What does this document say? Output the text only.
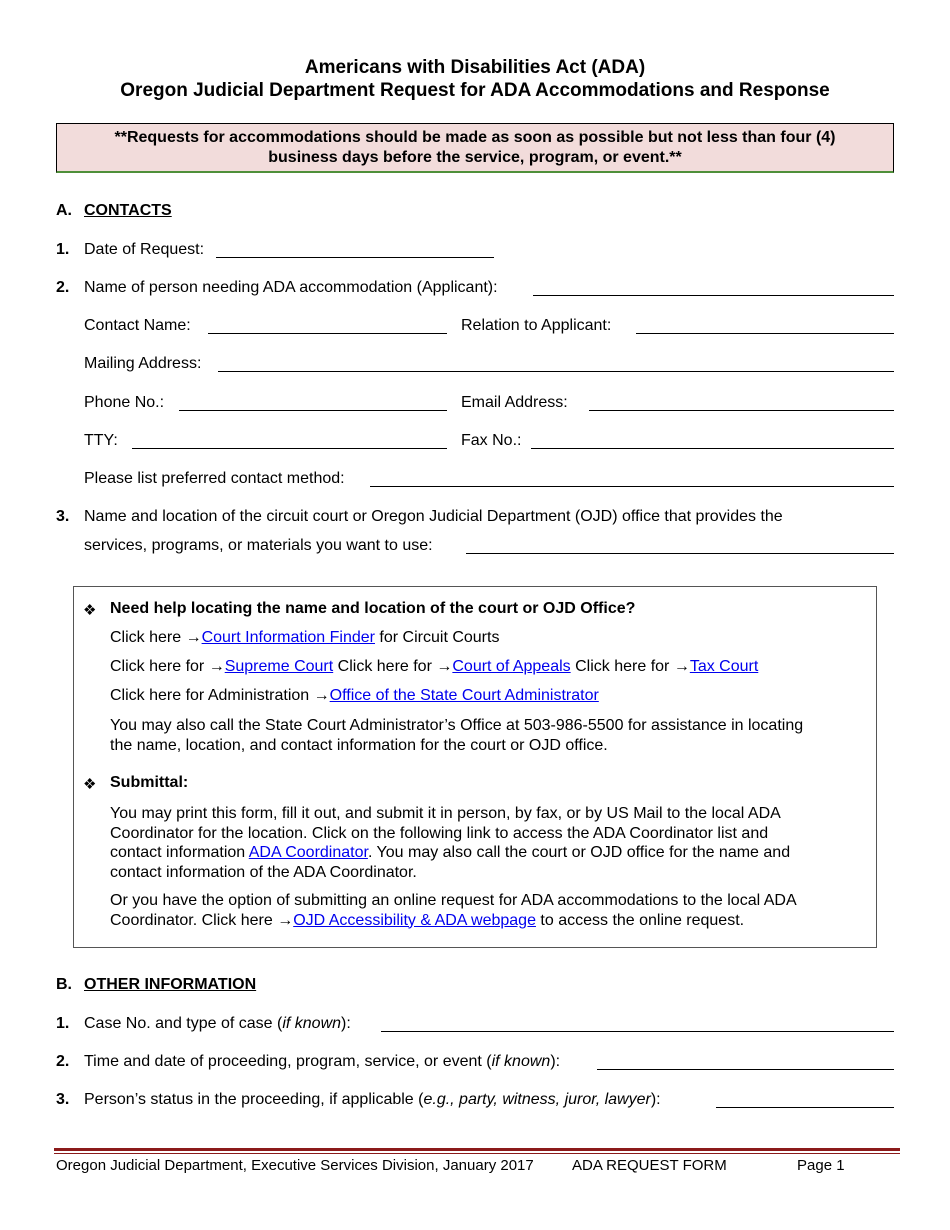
Americans with Disabilities Act (ADA)
Oregon Judicial Department Request for ADA Accommodations and Response
**Requests for accommodations should be made as soon as possible but not less than four (4)
business days before the service, program, or event.**
A. CONTACTS
1. Date of Request:
2. Name of person needing ADA accommodation (Applicant):
Contact Name:	Relation to Applicant:
Mailing Address:
Phone No.:	Email Address:
TTY:	Fax No.:
Please list preferred contact method:
3. Name and location of the circuit court or Oregon Judicial Department (OJD) office that provides the
services, programs, or materials you want to use:
❖ Need help locating the name and location of the court or OJD Office?
Click here →Court Information Finder for Circuit Courts
Click here for →Supreme Court Click here for →Court of Appeals Click here for →Tax Court
Click here for Administration →Office of the State Court Administrator
You may also call the State Court Administrator’s Office at 503-986-5500 for assistance in locating
the name, location, and contact information for the court or OJD office.
❖ Submittal:
You may print this form, fill it out, and submit it in person, by fax, or by US Mail to the local ADA
Coordinator for the location. Click on the following link to access the ADA Coordinator list and
contact information ADA Coordinator. You may also call the court or OJD office for the name and
contact information of the ADA Coordinator.
Or you have the option of submitting an online request for ADA accommodations to the local ADA
Coordinator. Click here →OJD Accessibility & ADA webpage to access the online request.
B. OTHER INFORMATION
1. Case No. and type of case (if known):
2. Time and date of proceeding, program, service, or event (if known):
3. Person’s status in the proceeding, if applicable (e.g., party, witness, juror, lawyer):
Oregon Judicial Department, Executive Services Division, January 2017	ADA REQUEST FORM	Page 1
